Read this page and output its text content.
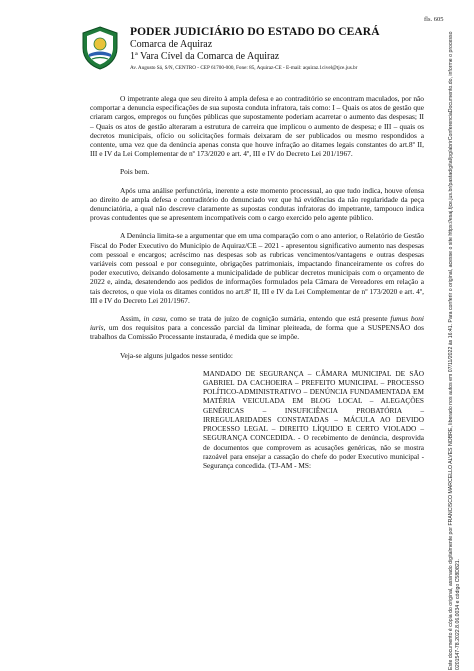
fls. 605
PODER JUDICIÁRIO DO ESTADO DO CEARÁ
Comarca de Aquiraz
1ª Vara Cível da Comarca de Aquiraz
Av. Augusto Sá, S/N, CENTRO - CEP 61700-000, Fone: 85, Aquiraz-CE - E-mail: aquiraz.1civel@tjce.jus.br

O impetrante alega que seu direito à ampla defesa e ao contraditório se encontram maculados, por não comportar a denuncia especificações de sua suposta conduta infratora, tais como: I – Quais os atos de gestão que criaram cargos, empregos ou funções públicas que supostamente poderiam acarretar o aumento das despesas; II – Quais os atos de gestão alteraram a estrutura de carreira que implicou o aumento de despesa; e III – quais os decretos municipais, ofício ou solicitações formais deixaram de ser publicados ou mesmo respondidos a contente, uma vez que da denúncia apenas consta que houve infração ao ditames legais constantes do art.8º II, III e IV da Lei Complementar de nº 173/2020 e art. 4º, III e IV do Decreto Lei 201/1967.

Pois bem.

Após uma análise perfunctória, inerente a este momento processual, ao que tudo indica, houve ofensa ao direito de ampla defesa e contraditório do denunciado vez que há evidências da não regularidade da peça denunciatória, a qual não descreve claramente as supostas condutas infratoras do impetrante, tampouco indica provas contudentes que se apresentem incompatíveis com o cargo exercido pelo agente público.

A Denúncia limita-se a argumentar que em uma comparação com o ano anterior, o Relatório de Gestão Fiscal do Poder Executivo do Município de Aquiraz/CE – 2021 - apresentou significativo aumento nas despesas com pessoal e encargos; acréscimo nas despesas sob as rubricas vencimentos/vantagens e outras despesas variáveis com pessoal e por conseguinte, obrigações patrimoniais, impactando financeiramente os cofres do poder executivo, deixando dolosamente a municipalidade de publicar decretos municipais com o orçamento de 2022 e, ainda, desatendendo aos pedidos de informações formulados pela Câmara de Vereadores em relação a tais decretos, o que viola os ditames contidos no art.8º II, III e IV da Lei Complementar de nº 173/2020 e art. 4º, III e IV do Decreto Lei 201/1967.

Assim, in casu, como se trata de juízo de cognição sumária, entendo que está presente fumus boni iuris, um dos requisitos para a concessão parcial da liminar pleiteada, de forma que a SUSPENSÃO dos trabalhos da Comissão Processante instaurada, é medida que se impõe.

Veja-se alguns julgados nesse sentido:

MANDADO DE SEGURANÇA – CÂMARA MUNICIPAL DE SÃO GABRIEL DA CACHOEIRA – PREFEITO MUNICIPAL – PROCESSO POLÍTICO-ADMINISTRATIVO – DENÚNCIA FUNDAMENTADA EM MATÉRIA VEICULADA EM BLOG LOCAL – ALEGAÇÕES GENÉRICAS – INSUFICIÊNCIA PROBATÓRIA – IRREGULARIDADES CONSTATADAS – MÁCULA AO DEVIDO PROCESSO LEGAL – DIREITO LÍQUIDO E CERTO VIOLADO – SEGURANÇA CONCEDIDA. - O recebimento de denúncia, desprovida de documentos que comprovem as acusações genéricas, não se mostra razoável para ensejar a cassação do chefe do poder Executivo municipal - Segurança concedida. (TJ-AM - MS:	Este documento é cópia do original, assinado digitalmente por FRANCISCO MARCELLO ALVES NOBRE, liberado nos autos em 07/11/2022 às 16:41. Para conferir o original, acesse o site https://esaj.tjce.jus.br/pastadigital/pg/abrirConferenciaDocumento.do, informe o processo 0201547-78.2022.8.06.0034 e código C58D821.
